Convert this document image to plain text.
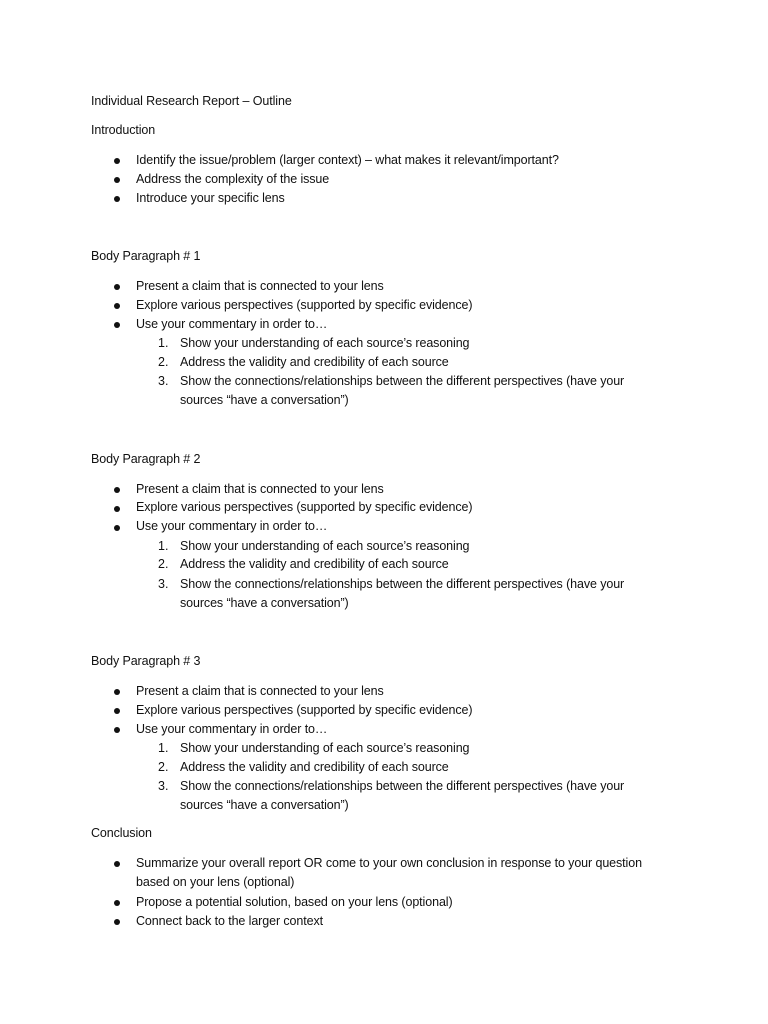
Individual Research Report – Outline
Introduction
Identify the issue/problem (larger context) – what makes it relevant/important?
Address the complexity of the issue
Introduce your specific lens
Body Paragraph # 1
Present a claim that is connected to your lens
Explore various perspectives (supported by specific evidence)
Use your commentary in order to…
1. Show your understanding of each source’s reasoning
2. Address the validity and credibility of each source
3. Show the connections/relationships between the different perspectives (have your
sources “have a conversation”)
Body Paragraph # 2
Present a claim that is connected to your lens
Explore various perspectives (supported by specific evidence)
Use your commentary in order to…
1. Show your understanding of each source’s reasoning
2. Address the validity and credibility of each source
3. Show the connections/relationships between the different perspectives (have your
sources “have a conversation”)
Body Paragraph # 3
Present a claim that is connected to your lens
Explore various perspectives (supported by specific evidence)
Use your commentary in order to…
1. Show your understanding of each source’s reasoning
2. Address the validity and credibility of each source
3. Show the connections/relationships between the different perspectives (have your
sources “have a conversation”)
Conclusion
Summarize your overall report OR come to your own conclusion in response to your question
based on your lens (optional)
Propose a potential solution, based on your lens (optional)
Connect back to the larger context
